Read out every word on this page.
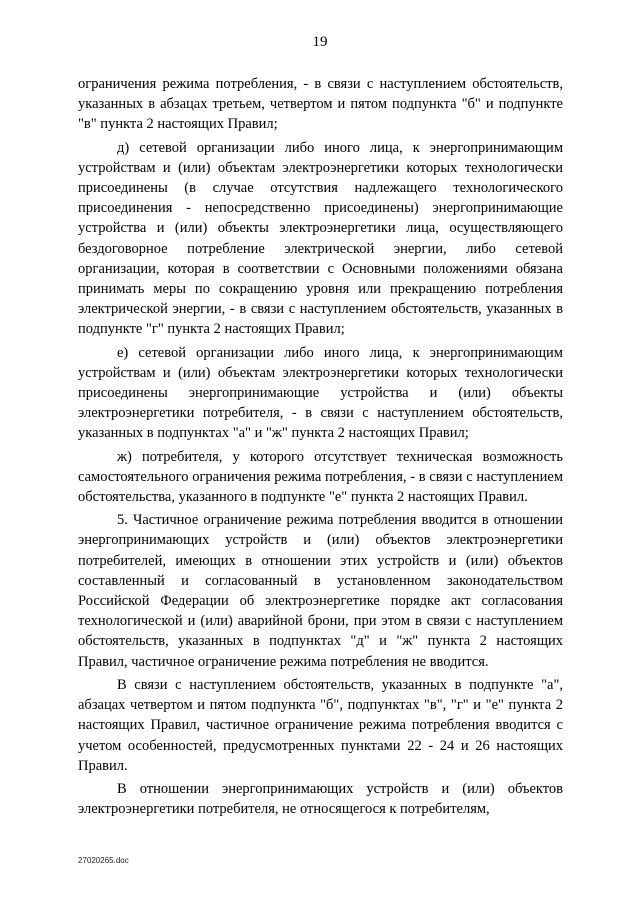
19

ограничения режима потребления, - в связи с наступлением обстоятельств, указанных в абзацах третьем, четвертом и пятом подпункта "б" и подпункте "в" пункта 2 настоящих Правил;

д) сетевой организации либо иного лица, к энергопринимающим устройствам и (или) объектам электроэнергетики которых технологически присоединены (в случае отсутствия надлежащего технологического присоединения - непосредственно присоединены) энергопринимающие устройства и (или) объекты электроэнергетики лица, осуществляющего бездоговорное потребление электрической энергии, либо сетевой организации, которая в соответствии с Основными положениями обязана принимать меры по сокращению уровня или прекращению потребления электрической энергии, - в связи с наступлением обстоятельств, указанных в подпункте "г" пункта 2 настоящих Правил;

е) сетевой организации либо иного лица, к энергопринимающим устройствам и (или) объектам электроэнергетики которых технологически присоединены энергопринимающие устройства и (или) объекты электроэнергетики потребителя, - в связи с наступлением обстоятельств, указанных в подпунктах "а" и "ж" пункта 2 настоящих Правил;

ж) потребителя, у которого отсутствует техническая возможность самостоятельного ограничения режима потребления, - в связи с наступлением обстоятельства, указанного в подпункте "е" пункта 2 настоящих Правил.

5. Частичное ограничение режима потребления вводится в отношении энергопринимающих устройств и (или) объектов электроэнергетики потребителей, имеющих в отношении этих устройств и (или) объектов составленный и согласованный в установленном законодательством Российской Федерации об электроэнергетике порядке акт согласования технологической и (или) аварийной брони, при этом в связи с наступлением обстоятельств, указанных в подпунктах "д" и "ж" пункта 2 настоящих Правил, частичное ограничение режима потребления не вводится.

В связи с наступлением обстоятельств, указанных в подпункте "а", абзацах четвертом и пятом подпункта "б", подпунктах "в", "г" и "е" пункта 2 настоящих Правил, частичное ограничение режима потребления вводится с учетом особенностей, предусмотренных пунктами 22 - 24 и 26 настоящих Правил.

В отношении энергопринимающих устройств и (или) объектов электроэнергетики потребителя, не относящегося к потребителям,

27020265.doc
